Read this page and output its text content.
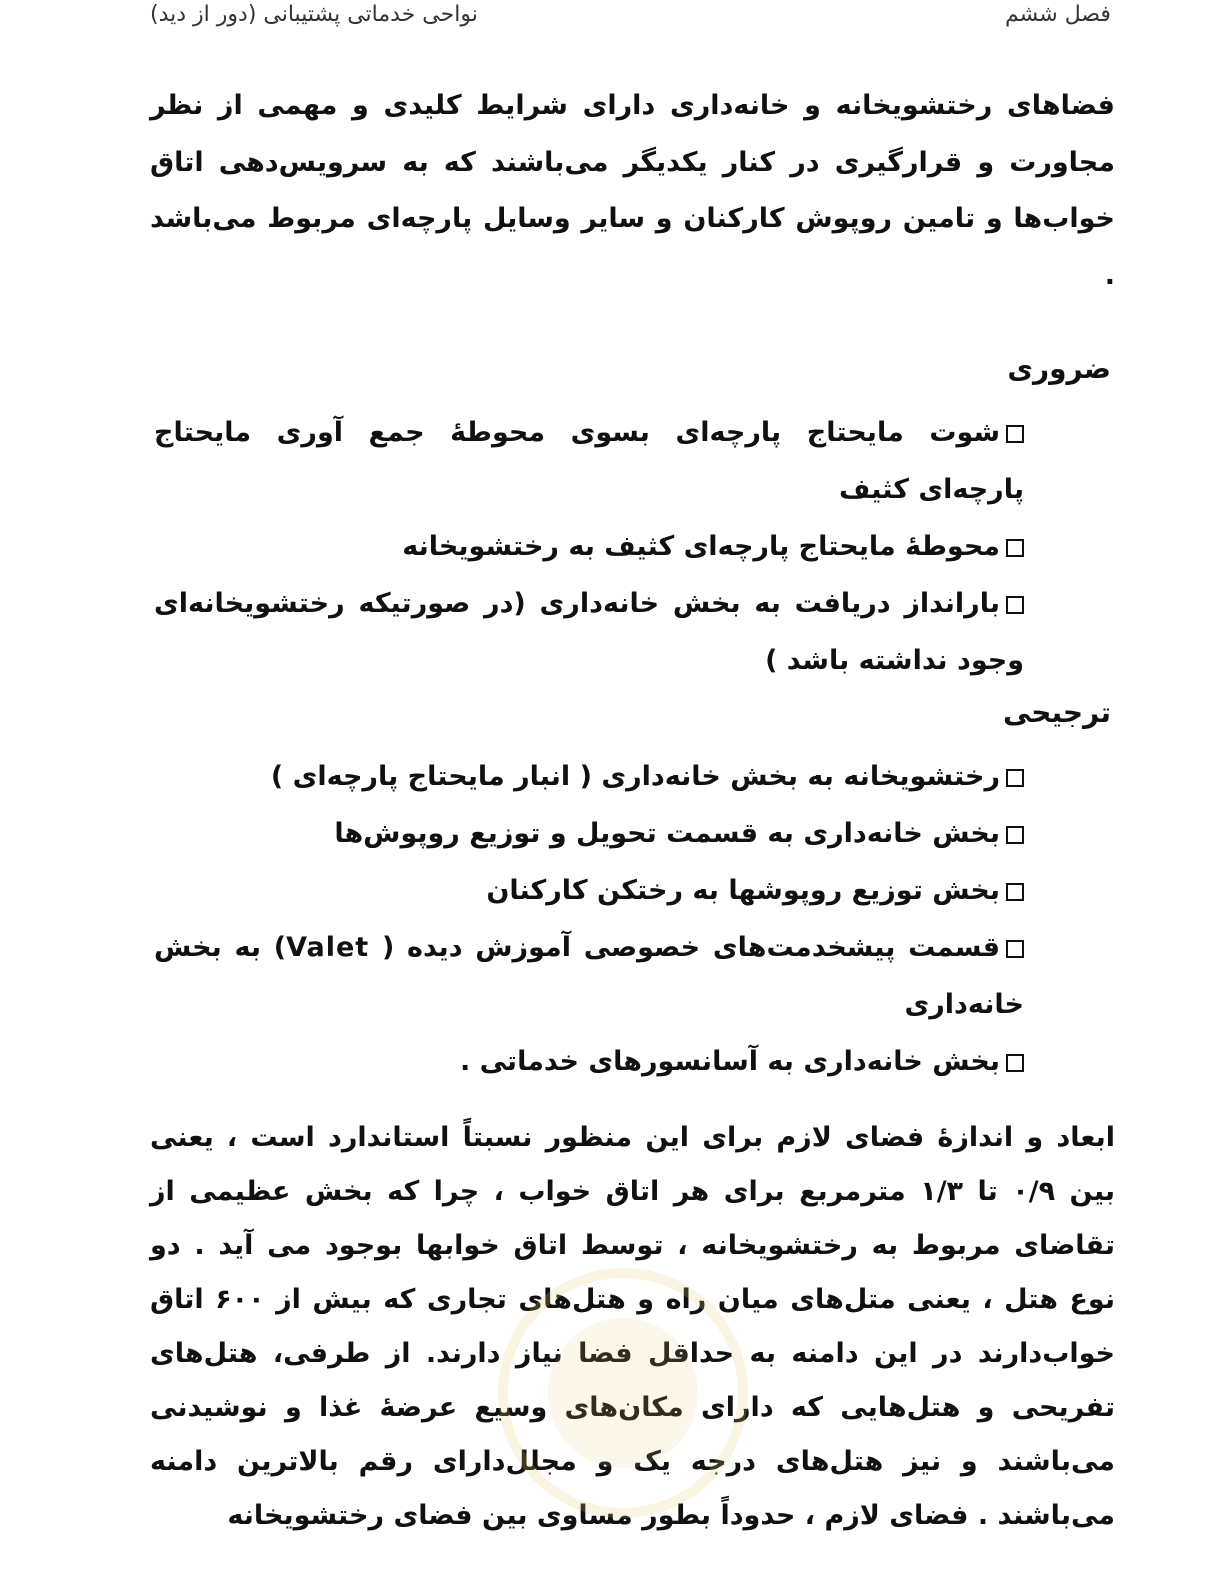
نواحی خدماتی پشتیبانی (دور از دید)	فصل ششم
فضاهای رختشویخانه و خانه‌داری دارای شرایط کلیدی و مهمی از نظر مجاورت و قرارگیری در کنار یکدیگر می‌باشند که به سرویس‌دهی اتاق خواب‌ها و تامین روپوش کارکنان و سایر وسایل پارچه‌ای مربوط می‌باشد .
ضروری
شوت مایحتاج پارچه‌ای بسوی محوطهٔ جمع آوری مایحتاج پارچه‌ای کثیف
محوطهٔ مایحتاج پارچه‌ای کثیف به رختشویخانه
بارانداز دریافت به بخش خانه‌داری (در صورتیکه رختشویخانه‌ای وجود نداشته باشد )
ترجیحی
رختشویخانه به بخش خانه‌داری ( انبار مایحتاج پارچه‌ای )
بخش خانه‌داری به قسمت تحویل و توزیع روپوش‌ها
بخش توزیع روپوشها به رختکن کارکنان
قسمت پیشخدمت‌های خصوصی آموزش دیده ( Valet) به بخش خانه‌داری
بخش خانه‌داری به آسانسورهای خدماتی .
ابعاد و اندازهٔ فضای لازم برای این منظور نسبتاً استاندارد است ، یعنی بین ۰/۹ تا ۱/۳ مترمربع برای هر اتاق خواب ، چرا که بخش عظیمی از تقاضای مربوط به رختشویخانه ، توسط اتاق خوابها بوجود می آید . دو نوع هتل ، یعنی متل‌های میان راه و هتل‌های تجاری که بیش از ۶۰۰ اتاق خواب‌دارند در این دامنه به حداقل فضا نیاز دارند. از طرفی، هتل‌های تفریحی و هتل‌هایی که دارای مکان‌های وسیع عرضهٔ غذا و نوشیدنی می‌باشند و نیز هتل‌های درجه یک و مجلل‌دارای رقم بالاترین دامنه می‌باشند . فضای لازم ، حدوداً بطور مساوی بین فضای رختشویخانه
